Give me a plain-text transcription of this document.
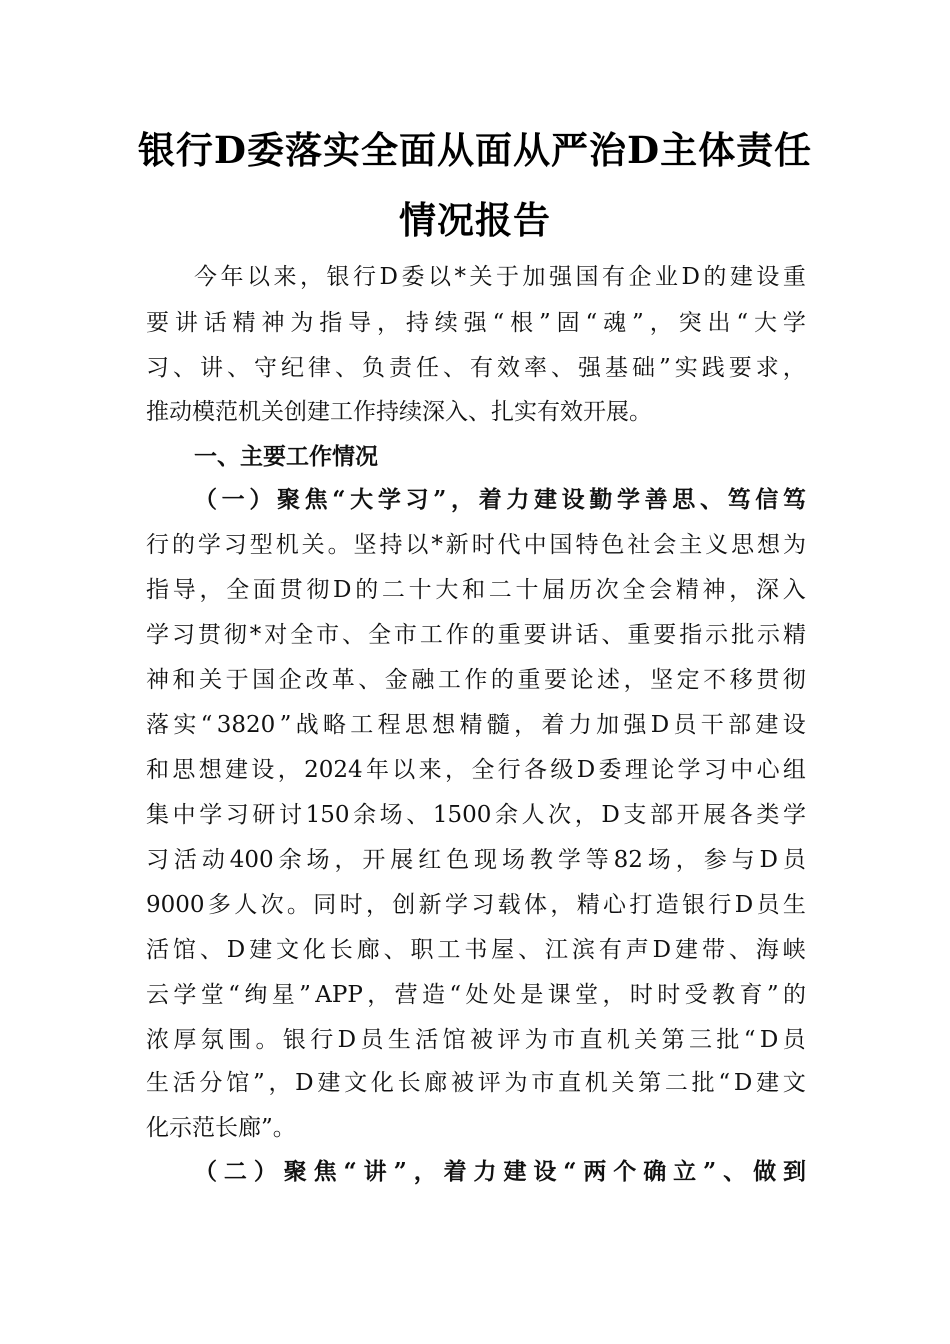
银行D委落实全面从面从严治D主体责任
情况报告
今 年 以 来 ， 银 行 D 委 以 * 关 于 加 强 国 有 企 业 D 的 建 设 重
要 讲 话 精 神 为 指 导 ， 持 续 强 “ 根 ” 固 “ 魂 ” ， 突 出 “ 大 学
习 、 讲 、 守 纪 律 、 负 责 任 、 有 效 率 、 强 基 础 ” 实 践 要 求 ，
推动模范机关创建工作持续深入、扎实有效开展。
一、主要工作情况
（ 一 ） 聚 焦 “ 大 学 习 ” ， 着 力 建 设 勤 学 善 思 、 笃 信 笃
行 的 学 习 型 机 关 。 坚 持 以 * 新 时 代 中 国 特 色 社 会 主 义 思 想 为
指 导 ， 全 面 贯 彻 D 的 二 十 大 和 二 十 届 历 次 全 会 精 神 ， 深 入
学 习 贯 彻 * 对 全 市 、 全 市 工 作 的 重 要 讲 话 、 重 要 指 示 批 示 精
神 和 关 于 国 企 改 革 、 金 融 工 作 的 重 要 论 述 ， 坚 定 不 移 贯 彻
落 实 “ 3820 ” 战 略 工 程 思 想 精 髓 ， 着 力 加 强 D 员 干 部 建 设
和 思 想 建 设 ， 2024 年 以 来 ， 全 行 各 级 D 委 理 论 学 习 中 心 组
集 中 学 习 研 讨 150 余 场 、 1500 余 人 次 ， D 支 部 开 展 各 类 学
习 活 动 400 余 场 ， 开 展 红 色 现 场 教 学 等 82 场 ， 参 与 D 员
9000 多 人 次 。 同 时 ， 创 新 学 习 载 体 ， 精 心 打 造 银 行 D 员 生
活 馆 、 D 建 文 化 长 廊 、 职 工 书 屋 、 江 滨 有 声 D 建 带 、 海 峡
云 学 堂 “ 绚 星 ” APP ， 营 造 “ 处 处 是 课 堂 ， 时 时 受 教 育 ” 的
浓 厚 氛 围 。 银 行 D 员 生 活 馆 被 评 为 市 直 机 关 第 三 批 “ D 员
生 活 分 馆 ” ， D 建 文 化 长 廊 被 评 为 市 直 机 关 第 二 批 “ D 建 文
化示范长廊”。
（ 二 ） 聚 焦 “ 讲 ” ， 着 力 建 设 “ 两 个 确 立 ” 、 做 到
